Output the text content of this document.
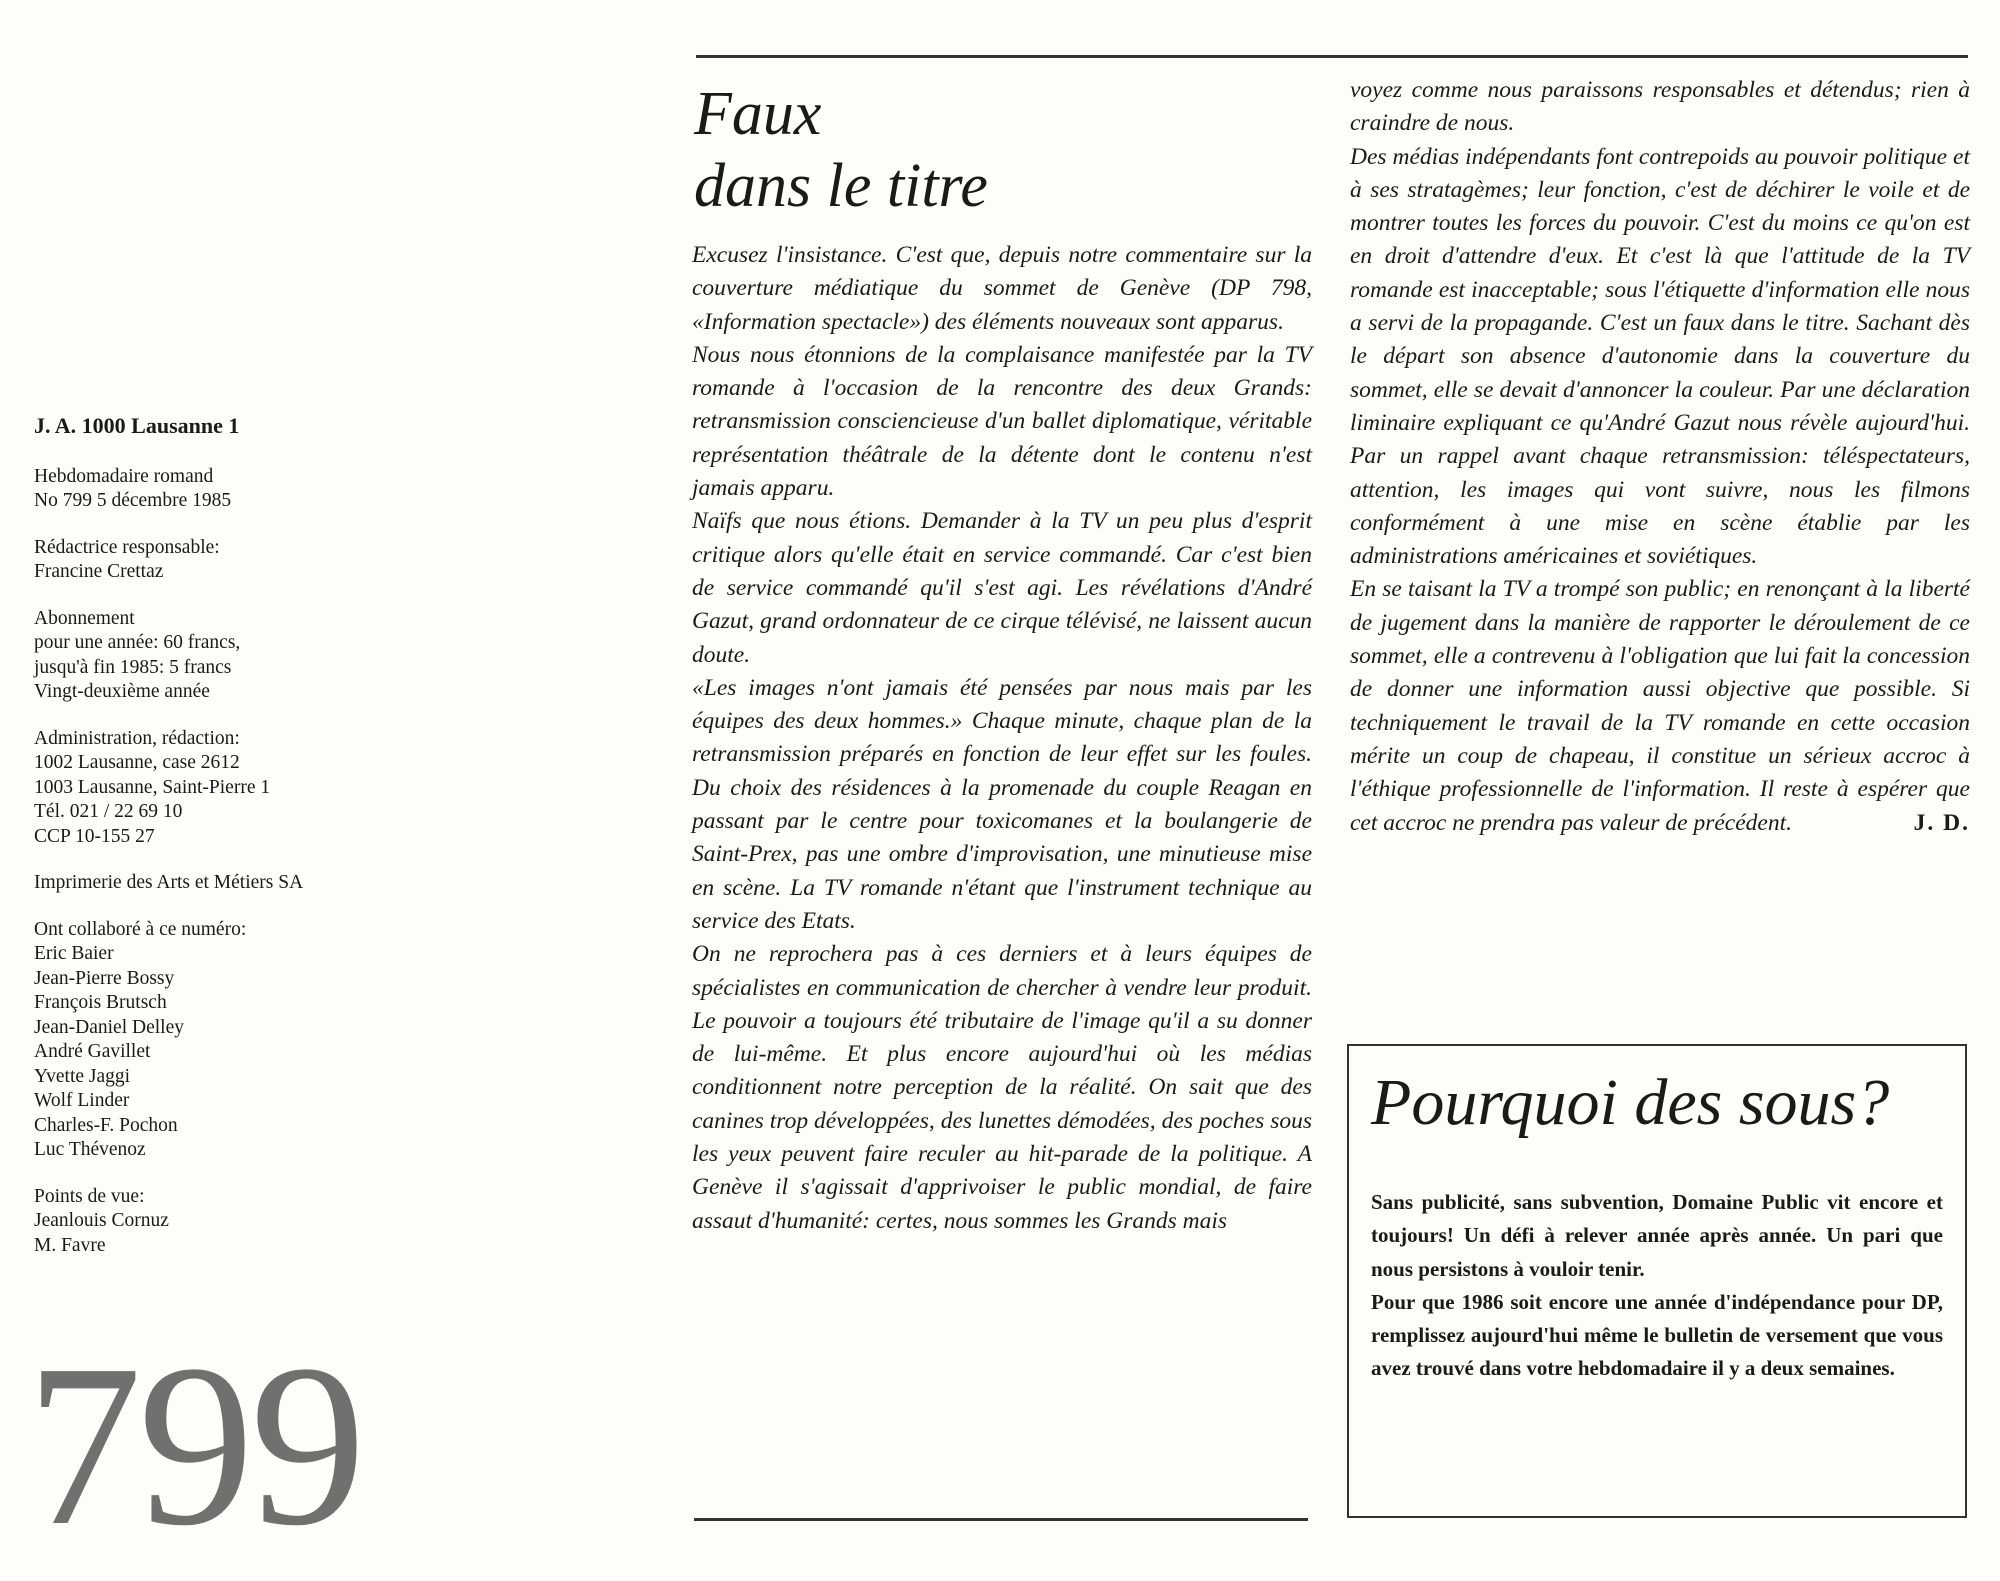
J. A. 1000 Lausanne 1
Hebdomadaire romand
No 799 5 décembre 1985
Rédactrice responsable:
Francine Crettaz
Abonnement
pour une année: 60 francs,
jusqu'à fin 1985: 5 francs
Vingt-deuxième année
Administration, rédaction:
1002 Lausanne, case 2612
1003 Lausanne, Saint-Pierre 1
Tél. 021 / 22 69 10
CCP 10-155 27
Imprimerie des Arts et Métiers SA
Ont collaboré à ce numéro:
Eric Baier
Jean-Pierre Bossy
François Brutsch
Jean-Daniel Delley
André Gavillet
Yvette Jaggi
Wolf Linder
Charles-F. Pochon
Luc Thévenoz
Points de vue:
Jeanlouis Cornuz
M. Favre
799
Faux
dans le titre

Excusez l'insistance. C'est que, depuis notre commentaire sur la couverture médiatique du sommet de Genève (DP 798, «Information spectacle») des éléments nouveaux sont apparus.

Nous nous étonnions de la complaisance manifestée par la TV romande à l'occasion de la rencontre des deux Grands: retransmission consciencieuse d'un ballet diplomatique, véritable représentation théâtrale de la détente dont le contenu n'est jamais apparu.

Naïfs que nous étions. Demander à la TV un peu plus d'esprit critique alors qu'elle était en service commandé. Car c'est bien de service commandé qu'il s'est agi. Les révélations d'André Gazut, grand ordonnateur de ce cirque télévisé, ne laissent aucun doute.

«Les images n'ont jamais été pensées par nous mais par les équipes des deux hommes.» Chaque minute, chaque plan de la retransmission préparés en fonction de leur effet sur les foules. Du choix des résidences à la promenade du couple Reagan en passant par le centre pour toxicomanes et la boulangerie de Saint-Prex, pas une ombre d'improvisation, une minutieuse mise en scène. La TV romande n'étant que l'instrument technique au service des Etats.

On ne reprochera pas à ces derniers et à leurs équipes de spécialistes en communication de chercher à vendre leur produit. Le pouvoir a toujours été tributaire de l'image qu'il a su donner de lui-même. Et plus encore aujourd'hui où les médias conditionnent notre perception de la réalité. On sait que des canines trop développées, des lunettes démodées, des poches sous les yeux peuvent faire reculer au hit-parade de la politique. A Genève il s'agissait d'apprivoiser le public mondial, de faire assaut d'humanité: certes, nous sommes les Grands mais

voyez comme nous paraissons responsables et détendus; rien à craindre de nous.

Des médias indépendants font contrepoids au pouvoir politique et à ses stratagèmes; leur fonction, c'est de déchirer le voile et de montrer toutes les forces du pouvoir. C'est du moins ce qu'on est en droit d'attendre d'eux. Et c'est là que l'attitude de la TV romande est inacceptable; sous l'étiquette d'information elle nous a servi de la propagande. C'est un faux dans le titre. Sachant dès le départ son absence d'autonomie dans la couverture du sommet, elle se devait d'annoncer la couleur. Par une déclaration liminaire expliquant ce qu'André Gazut nous révèle aujourd'hui. Par un rappel avant chaque retransmission: téléspectateurs, attention, les images qui vont suivre, nous les filmons conformément à une mise en scène établie par les administrations américaines et soviétiques.

En se taisant la TV a trompé son public; en renonçant à la liberté de jugement dans la manière de rapporter le déroulement de ce sommet, elle a contrevenu à l'obligation que lui fait la concession de donner une information aussi objective que possible. Si techniquement le travail de la TV romande en cette occasion mérite un coup de chapeau, il constitue un sérieux accroc à l'éthique professionnelle de l'information. Il reste à espérer que cet accroc ne prendra pas valeur de précédent.	J. D.

Pourquoi des sous?

Sans publicité, sans subvention, Domaine Public vit encore et toujours! Un défi à relever année après année. Un pari que nous persistons à vouloir tenir.

Pour que 1986 soit encore une année d'indépendance pour DP, remplissez aujourd'hui même le bulletin de versement que vous avez trouvé dans votre hebdomadaire il y a deux semaines.
